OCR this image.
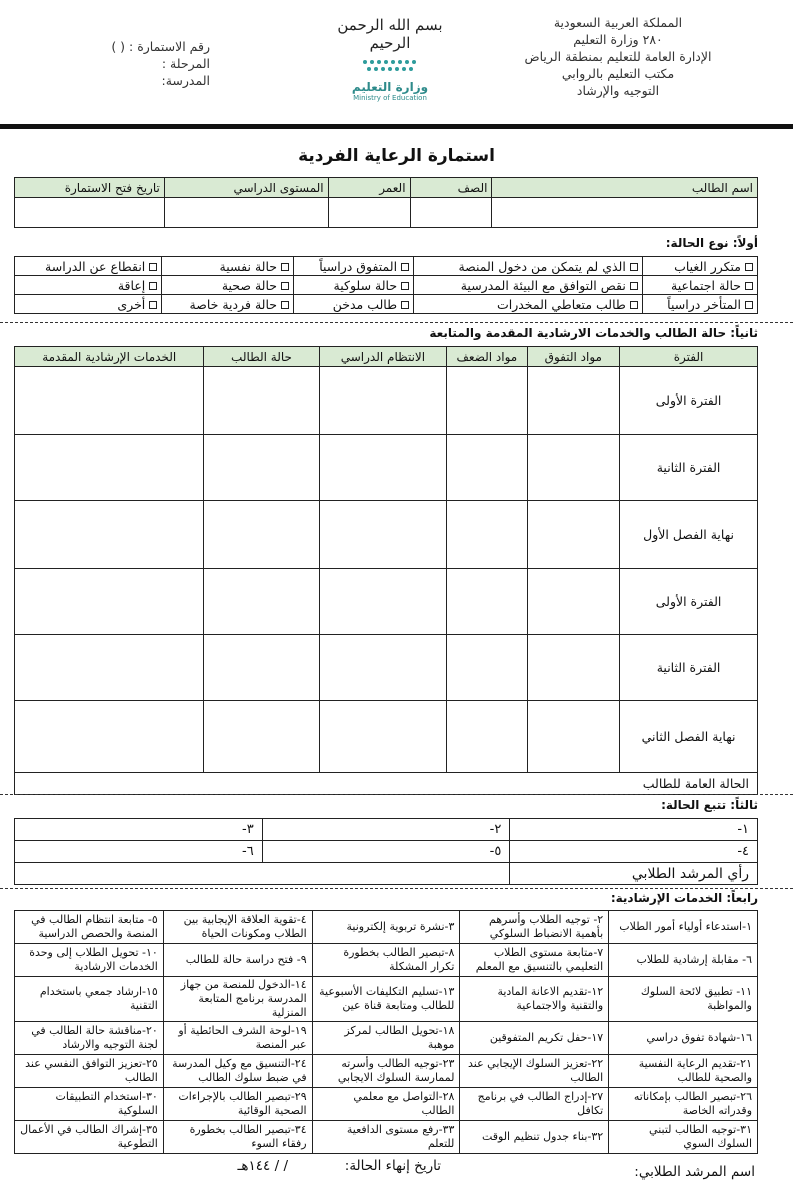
المملكة العربية السعودية
٢٨٠ وزارة التعليم
الإدارة العامة للتعليم بمنطقة الرياض
مكتب التعليم بالروابي
التوجيه والإرشاد
بسم الله الرحمن الرحيم
وزارة التعليم
Ministry of Education
رقم الاستمارة : ( )
المرحلة :
المدرسة:
استمارة الرعاية الفردية
اسم الطالب	الصف	العمر	المستوى الدراسي	تاريخ فتح الاستمارة

أولاً: نوع الحالة:
متكرر الغياب	الذي لم يتمكن من دخول المنصة	المتفوق دراسياً	حالة نفسية	انقطاع عن الدراسة
حالة اجتماعية	نقص التوافق مع البيئة المدرسية	حالة سلوكية	حالة صحية	إعاقة
المتأخر دراسياً	طالب متعاطي المخدرات	طالب مدخن	حالة فردية خاصة	أخرى
ثانياً: حالة الطالب والخدمات الارشادية المقدمة والمتابعة
الفترة	مواد التفوق	مواد الضعف	الانتظام الدراسي	حالة الطالب	الخدمات الإرشادية المقدمة
الفترة الأولى					
الفترة الثانية					
نهاية الفصل الأول					
الفترة الأولى					
الفترة الثانية					
نهاية الفصل الثاني					
الحالة العامة للطالب					
ثالثاً: تتبع الحالة:
١-	٢-	٣-
٤-	٥-	٦-
رأي المرشد الطلابي		
رابعاً: الخدمات الإرشادية:
١-استدعاء أولياء أمور الطلاب	٢- توجيه الطلاب وأسرهم بأهمية الانضباط السلوكي	٣-نشرة تربوية إلكترونية	٤-تقوية العلاقة الإيجابية بين الطلاب ومكونات الحياة	٥- متابعة انتظام الطالب في المنصة والحصص الدراسية
٦- مقابلة إرشادية للطلاب	٧-متابعة مستوى الطلاب التعليمي بالتنسيق مع المعلم	٨-تبصير الطالب بخطورة تكرار المشكلة	٩- فتح دراسة حالة للطالب	١٠- تحويل الطلاب إلى وحدة الخدمات الارشادية
١١- تطبيق لائحة السلوك والمواظبة	١٢-تقديم الاعانة المادية والتقنية والاجتماعية	١٣-تسليم التكليفات الأسبوعية للطالب ومتابعة قناة عين	١٤-الدخول للمنصة من جهاز المدرسة برنامج المتابعة المنزلية	١٥-ارشاد جمعي باستخدام التقنية
١٦-شهادة تفوق دراسي	١٧-حفل تكريم المتفوقين	١٨-تحويل الطالب لمركز موهبة	١٩-لوحة الشرف الحائطية أو عبر المنصة	٢٠-مناقشة حالة الطالب في لجنة التوجيه والارشاد
٢١-تقديم الرعاية النفسية والصحية للطالب	٢٢-تعزيز السلوك الإيجابي عند الطالب	٢٣-توجيه الطالب وأسرته لممارسة السلوك الايجابي	٢٤-التنسيق مع وكيل المدرسة في ضبط سلوك الطالب	٢٥-تعزيز التوافق النفسي عند الطالب
٢٦-تبصير الطالب بإمكاناته وقدراته الخاصة	٢٧-إدراج الطالب في برنامج تكافل	٢٨-التواصل مع معلمي الطالب	٢٩-تبصير الطالب بالإجراءات الصحية الوقائية	٣٠-استخدام التطبيقات السلوكية
٣١-توجيه الطالب لتبني السلوك السوي	٣٢-بناء جدول تنظيم الوقت	٣٣-رفع مستوى الدافعية للتعلم	٣٤-تبصير الطالب بخطورة رفقاء السوء	٣٥-إشراك الطالب في الأعمال التطوعية
اسم المرشد الطلابي:
تاريخ إنهاء الحالة:
/ / ١٤٤هـ
